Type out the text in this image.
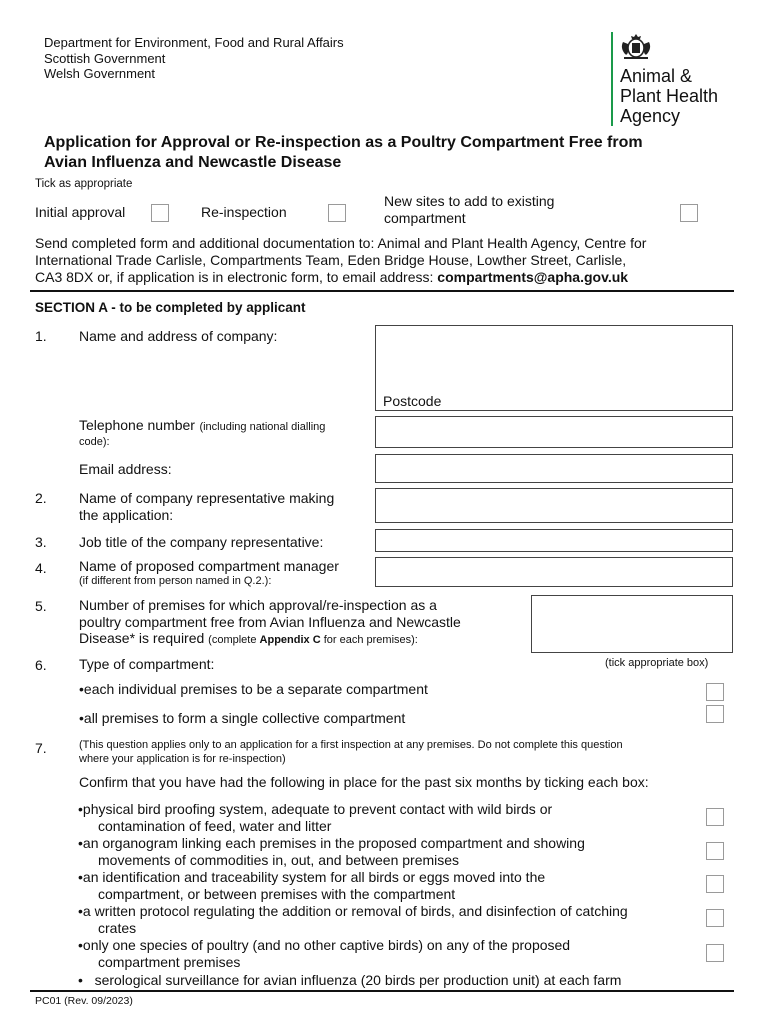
Department for Environment, Food and Rural Affairs
Scottish Government
Welsh Government	Animal &
Plant Health
Agency
Application for Approval or Re-inspection as a Poultry Compartment Free from
Avian Influenza and Newcastle Disease
Tick as appropriate
Initial approval	Re-inspection
New sites to add to existing
compartment
Send completed form and additional documentation to: Animal and Plant Health Agency, Centre for
International Trade Carlisle, Compartments Team, Eden Bridge House, Lowther Street, Carlisle,
CA3 8DX or, if application is in electronic form, to email address: compartments@apha.gov.uk
SECTION A - to be completed by applicant
1. Name and address of company:
Postcode
Telephone number (including national dialling
code):
Email address:
2. Name of company representative making
the application:
3. Job title of the company representative:
4. Name of proposed compartment manager
(if different from person named in Q.2.):
5. Number of premises for which approval/re-inspection as a
poultry compartment free from Avian Influenza and Newcastle
Disease* is required (complete Appendix C for each premises):
6. Type of compartment:	(tick appropriate box)
•each individual premises to be a separate compartment
•all premises to form a single collective compartment
7.	(This question applies only to an application for a first inspection at any premises. Do not complete this question
where your application is for re-inspection)
Confirm that you have had the following in place for the past six months by ticking each box:
•physical bird proofing system, adequate to prevent contact with wild birds or
contamination of feed, water and litter
•an organogram linking each premises in the proposed compartment and showing
movements of commodities in, out, and between premises
•an identification and traceability system for all birds or eggs moved into the
compartment, or between premises with the compartment
•a written protocol regulating the addition or removal of birds, and disinfection of catching
crates
•only one species of poultry (and no other captive birds) on any of the proposed
compartment premises
•   serological surveillance for avian influenza (20 birds per production unit) at each farm
PC01 (Rev. 09/2023)
